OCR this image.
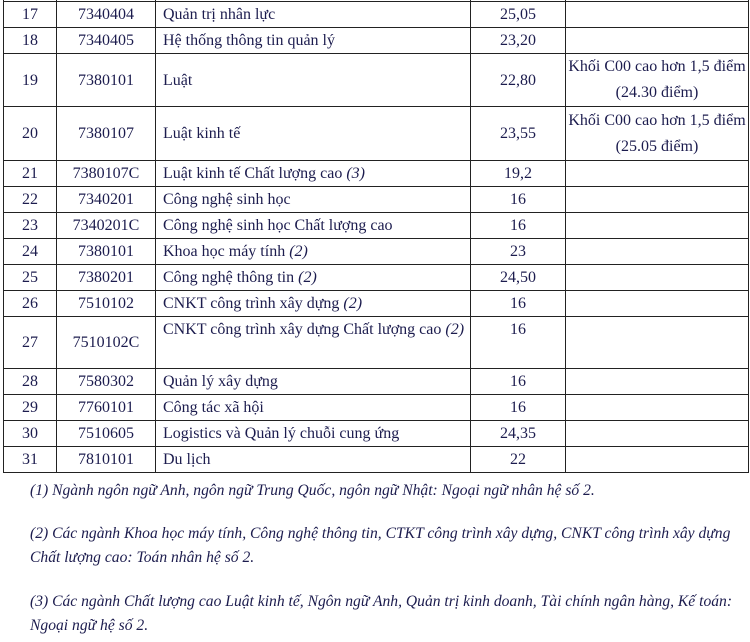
17	7340404	Quản trị nhân lực	25,05	
18	7340405	Hệ thống thông tin quản lý	23,20	
19	7380101	Luật	22,80	Khối C00 cao hơn 1,5 điểm (24.30 điểm)
20	7380107	Luật kinh tế	23,55	Khối C00 cao hơn 1,5 điểm (25.05 điểm)
21	7380107C	Luật kinh tế Chất lượng cao (3)	19,2	
22	7340201	Công nghệ sinh học	16	
23	7340201C	Công nghệ sinh học Chất lượng cao	16	
24	7380101	Khoa học máy tính (2)	23	
25	7380201	Công nghệ thông tin (2)	24,50	
26	7510102	CNKT công trình xây dựng (2)	16	
27	7510102C	CNKT công trình xây dựng Chất lượng cao (2)	16	
28	7580302	Quản lý xây dựng	16	
29	7760101	Công tác xã hội	16	
30	7510605	Logistics và Quản lý chuỗi cung ứng	24,35	
31	7810101	Du lịch	22	

(1) Ngành ngôn ngữ Anh, ngôn ngữ Trung Quốc, ngôn ngữ Nhật: Ngoại ngữ nhân hệ số 2.

(2) Các ngành Khoa học máy tính, Công nghệ thông tin, CTKT công trình xây dựng, CNKT công trình xây dựng Chất lượng cao: Toán nhân hệ số 2.

(3) Các ngành Chất lượng cao Luật kinh tế, Ngôn ngữ Anh, Quản trị kinh doanh, Tài chính ngân hàng, Kế toán: Ngoại ngữ hệ số 2.
